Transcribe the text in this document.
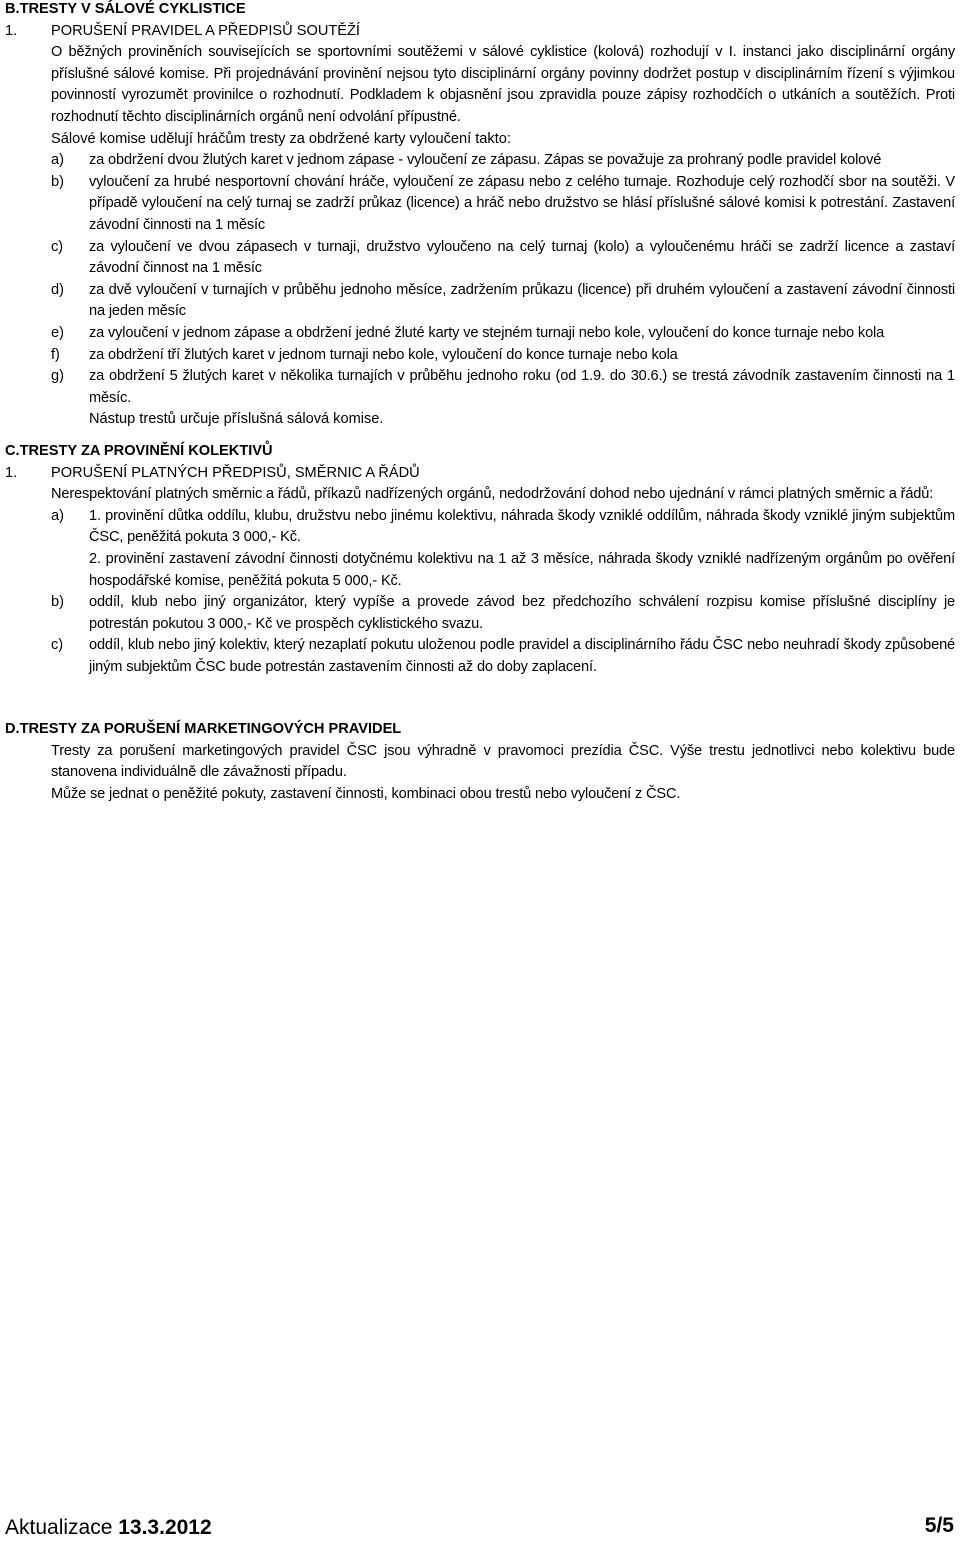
B.TRESTY V SÁLOVÉ CYKLISTICE
1.	PORUŠENÍ PRAVIDEL A PŘEDPISŮ SOUTĚŽÍ
O běžných proviněních souvisejících se sportovními soutěžemi v sálové cyklistice (kolová) rozhodují v I. instanci jako disciplinární orgány příslušné sálové komise. Při projednávání provinění nejsou tyto disciplinární orgány povinny dodržet postup v disciplinárním řízení s výjimkou povinností vyrozumět provinilce o rozhodnutí. Podkladem k objasnění jsou zpravidla pouze zápisy rozhodčích o utkáních a soutěžích. Proti rozhodnutí těchto disciplinárních orgánů není odvolání přípustné.
Sálové komise udělují hráčům tresty za obdržené karty vyloučení takto:
a)	za obdržení dvou žlutých karet v jednom zápase - vyloučení ze zápasu. Zápas se považuje za prohraný podle pravidel kolové
b)	vyloučení za hrubé nesportovní chování hráče, vyloučení ze zápasu nebo z celého turnaje. Rozhoduje celý rozhodčí sbor na soutěži. V případě vyloučení na celý turnaj se zadrží průkaz (licence) a hráč nebo družstvo se hlásí příslušné sálové komisi k potrestání. Zastavení závodní činnosti na 1 měsíc
c)	za vyloučení ve dvou zápasech v turnaji, družstvo vyloučeno na celý turnaj (kolo) a vyloučenému hráči se zadrží licence a zastaví závodní činnost na 1 měsíc
d)	za dvě vyloučení v turnajích v průběhu jednoho měsíce, zadržením průkazu (licence) při druhém vyloučení a zastavení závodní činnosti na jeden měsíc
e)	za vyloučení v jednom zápase a obdržení jedné žluté karty ve stejném turnaji nebo kole, vyloučení do konce turnaje nebo kola
f)	za obdržení tří žlutých karet v jednom turnaji nebo kole, vyloučení do konce turnaje nebo kola
g)	za obdržení 5 žlutých karet v několika turnajích v průběhu jednoho roku (od 1.9. do 30.6.) se trestá závodník zastavením činnosti na 1 měsíc.
Nástup trestů určuje příslušná sálová komise.
C.TRESTY ZA PROVINĚNÍ KOLEKTIVŮ
1.	PORUŠENÍ PLATNÝCH PŘEDPISŮ, SMĚRNIC A ŘÁDŮ
Nerespektování platných směrnic a řádů, příkazů nadřízených orgánů, nedodržování dohod nebo ujednání v rámci platných směrnic a řádů:
a)	1. provinění důtka oddílu, klubu, družstvu nebo jinému kolektivu, náhrada škody vzniklé oddílům, náhrada škody vzniklé jiným subjektům ČSC, peněžitá pokuta 3 000,- Kč.
2. provinění zastavení závodní činnosti dotyčnému kolektivu na 1 až 3 měsíce, náhrada škody vzniklé nadřízeným orgánům po ověření hospodářské komise, peněžitá pokuta 5 000,- Kč.
b)	oddíl, klub nebo jiný organizátor, který vypíše a provede závod bez předchozího schválení rozpisu komise příslušné disciplíny je potrestán pokutou 3 000,- Kč ve prospěch cyklistického svazu.
c)	oddíl, klub nebo jiný kolektiv, který nezaplatí pokutu uloženou podle pravidel a disciplinárního řádu ČSC nebo neuhradí škody způsobené jiným subjektům ČSC bude potrestán zastavením činnosti až do doby zaplacení.
D.TRESTY ZA PORUŠENÍ MARKETINGOVÝCH PRAVIDEL
Tresty za porušení marketingových pravidel ČSC jsou výhradně v pravomoci prezídia ČSC. Výše trestu jednotlivci nebo kolektivu bude stanovena individuálně dle závažnosti případu.
Může se jednat o peněžité pokuty, zastavení činnosti, kombinaci obou trestů nebo vyloučení z ČSC.
Aktualizace 13.3.2012	5/5
